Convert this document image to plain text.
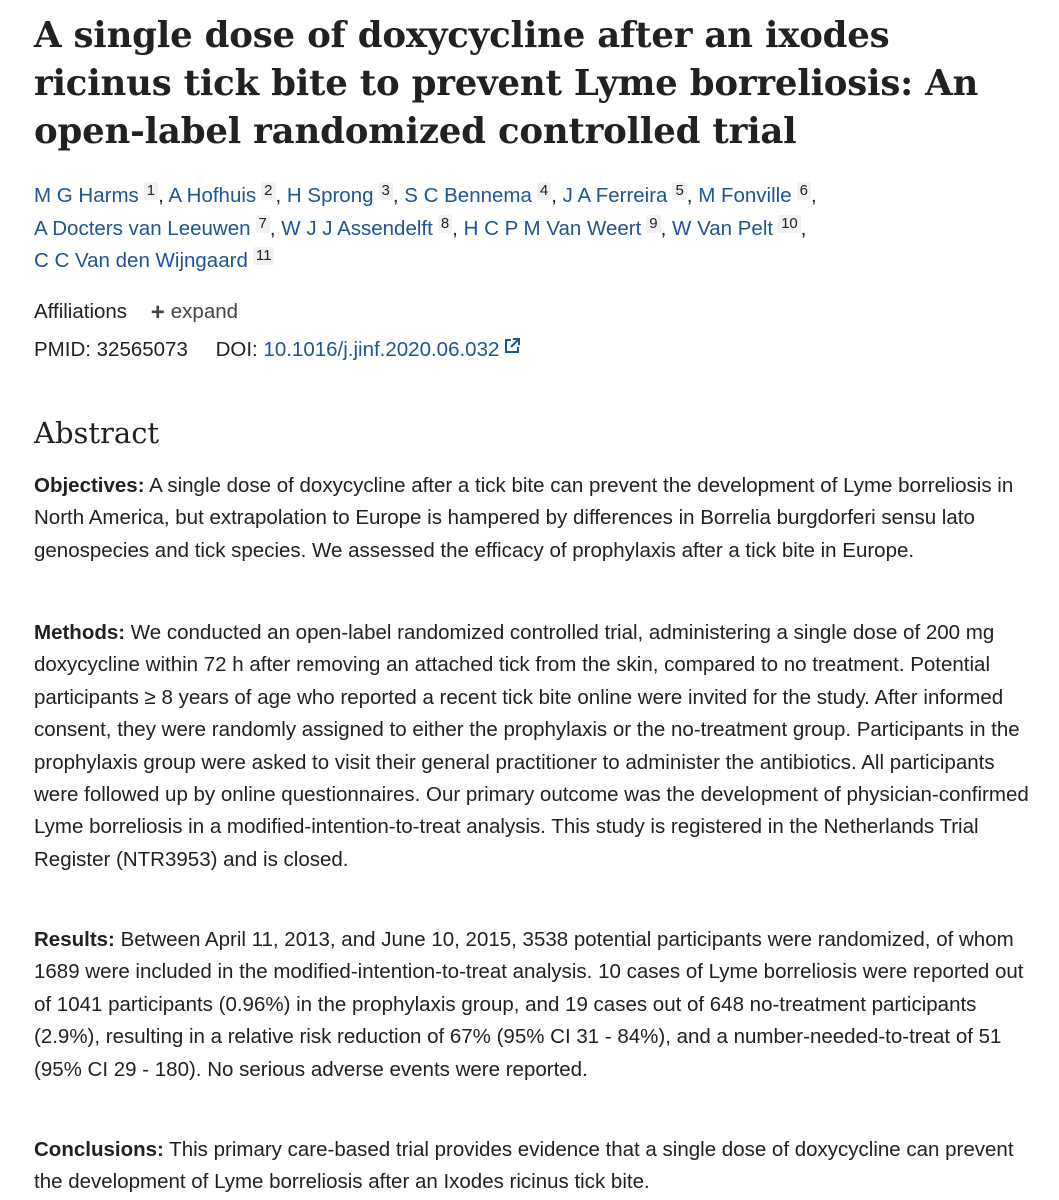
A single dose of doxycycline after an ixodes ricinus tick bite to prevent Lyme borreliosis: An open-label randomized controlled trial
M G Harms 1 , A Hofhuis 2 , H Sprong 3 , S C Bennema 4 , J A Ferreira 5 , M Fonville 6 ,
A Docters van Leeuwen 7 , W J J Assendelft 8 , H C P M Van Weert 9 , W Van Pelt 10 ,
C C Van den Wijngaard 11
Affiliations + expand
PMID: 32565073 DOI: 10.1016/j.jinf.2020.06.032
Abstract

Objectives: A single dose of doxycycline after a tick bite can prevent the development of Lyme borreliosis in North America, but extrapolation to Europe is hampered by differences in Borrelia burgdorferi sensu lato genospecies and tick species. We assessed the efficacy of prophylaxis after a tick bite in Europe.

Methods: We conducted an open-label randomized controlled trial, administering a single dose of 200 mg doxycycline within 72 h after removing an attached tick from the skin, compared to no treatment. Potential participants ≥ 8 years of age who reported a recent tick bite online were invited for the study. After informed consent, they were randomly assigned to either the prophylaxis or the no-treatment group. Participants in the prophylaxis group were asked to visit their general practitioner to administer the antibiotics. All participants were followed up by online questionnaires. Our primary outcome was the development of physician-confirmed Lyme borreliosis in a modified-intention-to-treat analysis. This study is registered in the Netherlands Trial Register (NTR3953) and is closed.

Results: Between April 11, 2013, and June 10, 2015, 3538 potential participants were randomized, of whom 1689 were included in the modified-intention-to-treat analysis. 10 cases of Lyme borreliosis were reported out of 1041 participants (0.96%) in the prophylaxis group, and 19 cases out of 648 no-treatment participants (2.9%), resulting in a relative risk reduction of 67% (95% CI 31 - 84%), and a number-needed-to-treat of 51 (95% CI 29 - 180). No serious adverse events were reported.

Conclusions: This primary care-based trial provides evidence that a single dose of doxycycline can prevent the development of Lyme borreliosis after an Ixodes ricinus tick bite.
